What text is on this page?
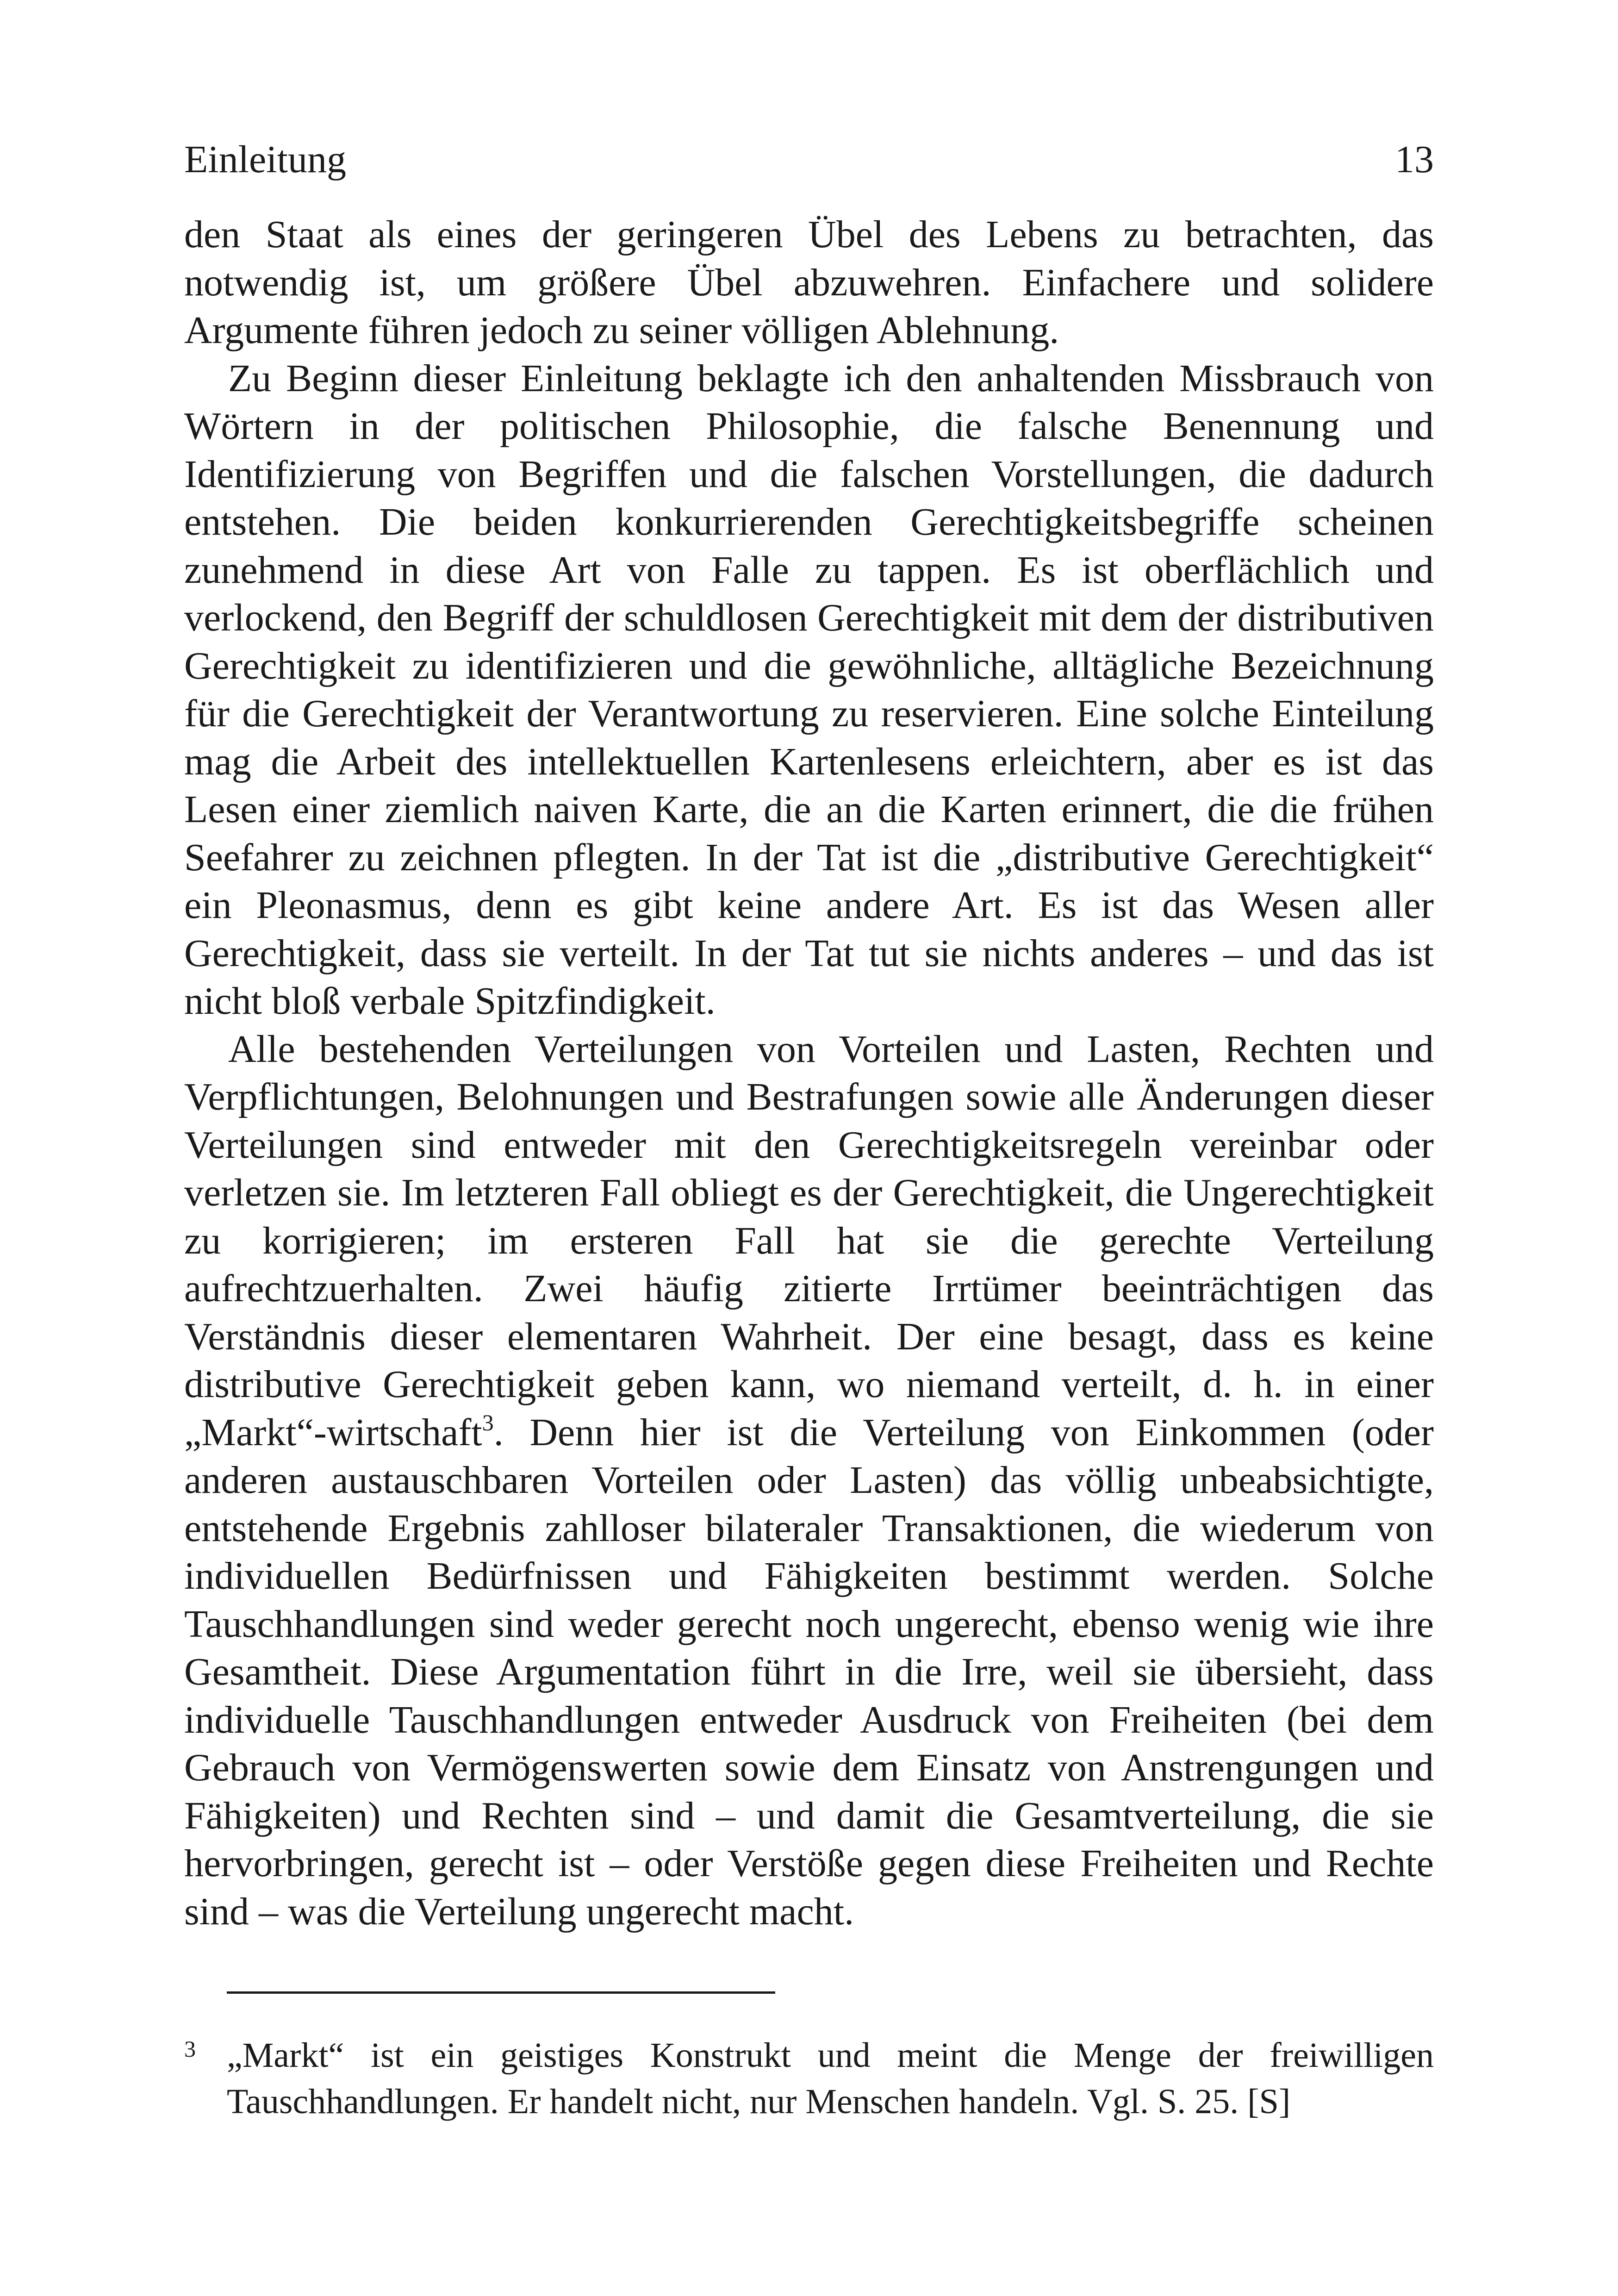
Einleitung	13

den Staat als eines der geringeren Übel des Lebens zu betrachten, das notwendig ist, um größere Übel abzuwehren. Einfachere und solidere Argumente führen jedoch zu seiner völligen Ablehnung.

Zu Beginn dieser Einleitung beklagte ich den anhaltenden Missbrauch von Wörtern in der politischen Philosophie, die falsche Benennung und Identifizierung von Begriffen und die falschen Vorstellungen, die dadurch entstehen. Die beiden konkurrierenden Gerechtigkeitsbegriffe scheinen zunehmend in diese Art von Falle zu tappen. Es ist oberflächlich und verlockend, den Begriff der schuldlosen Gerechtigkeit mit dem der distributiven Gerechtigkeit zu identifizieren und die gewöhnliche, alltägliche Bezeichnung für die Gerechtigkeit der Verantwortung zu reservieren. Eine solche Einteilung mag die Arbeit des intellektuellen Kartenlesens erleichtern, aber es ist das Lesen einer ziemlich naiven Karte, die an die Karten erinnert, die die frühen Seefahrer zu zeichnen pflegten. In der Tat ist die „distributive Gerechtigkeit“ ein Pleonasmus, denn es gibt keine andere Art. Es ist das Wesen aller Gerechtigkeit, dass sie verteilt. In der Tat tut sie nichts anderes – und das ist nicht bloß verbale Spitzfindigkeit.

Alle bestehenden Verteilungen von Vorteilen und Lasten, Rechten und Verpflichtungen, Belohnungen und Bestrafungen sowie alle Änderungen dieser Verteilungen sind entweder mit den Gerechtigkeitsregeln vereinbar oder verletzen sie. Im letzteren Fall obliegt es der Gerechtigkeit, die Ungerechtigkeit zu korrigieren; im ersteren Fall hat sie die gerechte Verteilung aufrechtzuerhalten. Zwei häufig zitierte Irrtümer beeinträchtigen das Verständnis dieser elementaren Wahrheit. Der eine besagt, dass es keine distributive Gerechtigkeit geben kann, wo niemand verteilt, d. h. in einer „Markt“-wirtschaft$^3$. Denn hier ist die Verteilung von Einkommen (oder anderen austauschbaren Vorteilen oder Lasten) das völlig unbeabsichtigte, entstehende Ergebnis zahlloser bilateraler Transaktionen, die wiederum von individuellen Bedürfnissen und Fähigkeiten bestimmt werden. Solche Tauschhandlungen sind weder gerecht noch ungerecht, ebenso wenig wie ihre Gesamtheit. Diese Argumentation führt in die Irre, weil sie übersieht, dass individuelle Tauschhandlungen entweder Ausdruck von Freiheiten (bei dem Gebrauch von Vermögenswerten sowie dem Einsatz von Anstrengungen und Fähigkeiten) und Rechten sind – und damit die Gesamtverteilung, die sie hervorbringen, gerecht ist – oder Verstöße gegen diese Freiheiten und Rechte sind – was die Verteilung ungerecht macht.

3 „Markt“ ist ein geistiges Konstrukt und meint die Menge der freiwilligen Tauschhandlungen. Er handelt nicht, nur Menschen handeln. Vgl. S. 25. [S]
